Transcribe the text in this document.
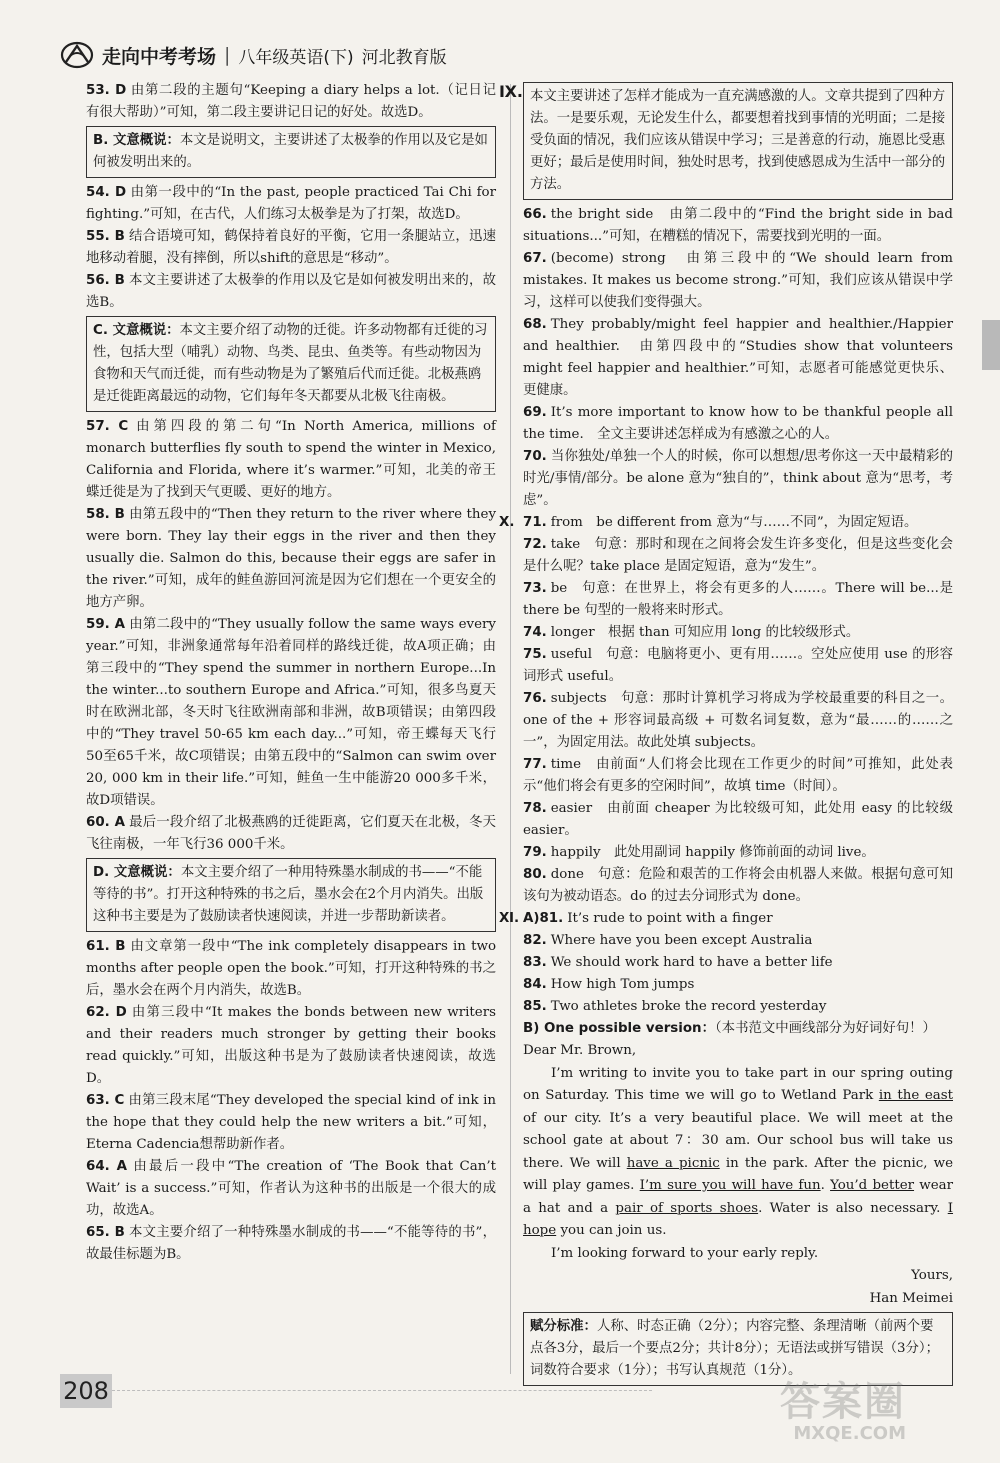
走向中考考场 | 八年级英语(下) 河北教育版

53. D 由第二段的主题句“Keeping a diary helps a lot.（记日记有很大帮助）”可知，第二段主要讲记日记的好处。故选D。

B. 文意概说：本文是说明文，主要讲述了太极拳的作用以及它是如何被发明出来的。

54. D 由第一段中的“In the past, people practiced Tai Chi for fighting.”可知，在古代，人们练习太极拳是为了打架，故选D。

55. B 结合语境可知，鹤保持着良好的平衡，它用一条腿站立，迅速地移动着腿，没有摔倒，所以shift的意思是“移动”。

56. B 本文主要讲述了太极拳的作用以及它是如何被发明出来的，故选B。

C. 文意概说：本文主要介绍了动物的迁徙。许多动物都有迁徙的习性，包括大型（哺乳）动物、鸟类、昆虫、鱼类等。有些动物因为食物和天气而迁徙，而有些动物是为了繁殖后代而迁徙。北极燕鸥是迁徙距离最远的动物，它们每年冬天都要从北极飞往南极。

57. C 由第四段的第二句“In North America, millions of monarch butterflies fly south to spend the winter in Mexico, California and Florida, where it’s warmer.”可知，北美的帝王蝶迁徙是为了找到天气更暖、更好的地方。

58. B 由第五段中的“Then they return to the river where they were born. They lay their eggs in the river and then they usually die. Salmon do this, because their eggs are safer in the river.”可知，成年的鲑鱼游回河流是因为它们想在一个更安全的地方产卵。

59. A 由第二段中的“They usually follow the same ways every year.”可知，非洲象通常每年沿着同样的路线迁徙，故A项正确；由第三段中的“They spend the summer in northern Europe...In the winter...to southern Europe and Africa.”可知，很多鸟夏天时在欧洲北部，冬天时飞往欧洲南部和非洲，故B项错误；由第四段中的“They travel 50-65 km each day...”可知，帝王蝶每天飞行50至65千米，故C项错误；由第五段中的“Salmon can swim over 20, 000 km in their life.”可知，鲑鱼一生中能游20 000多千米，故D项错误。

60. A 最后一段介绍了北极燕鸥的迁徙距离，它们夏天在北极，冬天飞往南极，一年飞行36 000千米。

D. 文意概说：本文主要介绍了一种用特殊墨水制成的书——“不能等待的书”。打开这种特殊的书之后，墨水会在2个月内消失。出版这种书主要是为了鼓励读者快速阅读，并进一步帮助新读者。

61. B 由文章第一段中“The ink completely disappears in two months after people open the book.”可知，打开这种特殊的书之后，墨水会在两个月内消失，故选B。

62. D 由第三段中“It makes the bonds between new writers and their readers much stronger by getting their books read quickly.”可知，出版这种书是为了鼓励读者快速阅读，故选D。

63. C 由第三段末尾“They developed the special kind of ink in the hope that they could help the new writers a bit.”可知，Eterna Cadencia想帮助新作者。

64. A 由最后一段中“The creation of ‘The Book that Can’t Wait’ is a success.”可知，作者认为这种书的出版是一个很大的成功，故选A。

65. B 本文主要介绍了一种特殊墨水制成的书——“不能等待的书”，故最佳标题为B。

Ⅸ. 本文主要讲述了怎样才能成为一直充满感激的人。文章共提到了四种方法。一是要乐观，无论发生什么，都要想着找到事情的光明面；二是接受负面的情况，我们应该从错误中学习；三是善意的行动，施恩比受惠更好；最后是使用时间，独处时思考，找到使感恩成为生活中一部分的方法。

66. the bright side　由第二段中的“Find the bright side in bad situations...”可知，在糟糕的情况下，需要找到光明的一面。

67. (become) strong　由第三段中的“We should learn from mistakes. It makes us become strong.”可知，我们应该从错误中学习，这样可以使我们变得强大。

68. They probably/might feel happier and healthier./Happier and healthier.　由第四段中的“Studies show that volunteers might feel happier and healthier.”可知，志愿者可能感觉更快乐、更健康。

69. It’s more important to know how to be thankful people all the time.　全文主要讲述怎样成为有感激之心的人。

70. 当你独处/单独一个人的时候，你可以想想/思考你这一天中最精彩的时光/事情/部分。be alone 意为“独自的”，think about 意为“思考，考虑”。

Ⅹ. 71. from　be different from 意为“与……不同”，为固定短语。

72. take　句意：那时和现在之间将会发生许多变化，但是这些变化会是什么呢？take place 是固定短语，意为“发生”。

73. be　句意：在世界上，将会有更多的人……。There will be...是 there be 句型的一般将来时形式。

74. longer　根据 than 可知应用 long 的比较级形式。

75. useful　句意：电脑将更小、更有用……。空处应使用 use 的形容词形式 useful。

76. subjects　句意：那时计算机学习将成为学校最重要的科目之一。one of the + 形容词最高级 + 可数名词复数，意为“最……的……之一”，为固定用法。故此处填 subjects。

77. time　由前面“人们将会比现在工作更少的时间”可推知，此处表示“他们将会有更多的空闲时间”，故填 time（时间）。

78. easier　由前面 cheaper 为比较级可知，此处用 easy 的比较级 easier。

79. happily　此处用副词 happily 修饰前面的动词 live。

80. done　句意：危险和艰苦的工作将会由机器人来做。根据句意可知该句为被动语态。do 的过去分词形式为 done。

Ⅺ. A)81. It’s rude to point with a finger

82. Where have you been except Australia

83. We should work hard to have a better life

84. How high Tom jumps

85. Two athletes broke the record yesterday

B) One possible version：（本书范文中画线部分为好词好句！）

Dear Mr. Brown,

I’m writing to invite you to take part in our spring outing on Saturday. This time we will go to Wetland Park in the east of our city. It’s a very beautiful place. We will meet at the school gate at about 7：30 am. Our school bus will take us there. We will have a picnic in the park. After the picnic, we will play games. I’m sure you will have fun. You’d better wear a hat and a pair of sports shoes. Water is also necessary. I hope you can join us.

I’m looking forward to your early reply.

Yours,

Han Meimei

赋分标准：人称、时态正确（2分）；内容完整、条理清晰（前两个要点各3分，最后一个要点2分；共计8分）；无语法或拼写错误（3分）；词数符合要求（1分）；书写认真规范（1分）。
208	答案圈
MXQE.COM
